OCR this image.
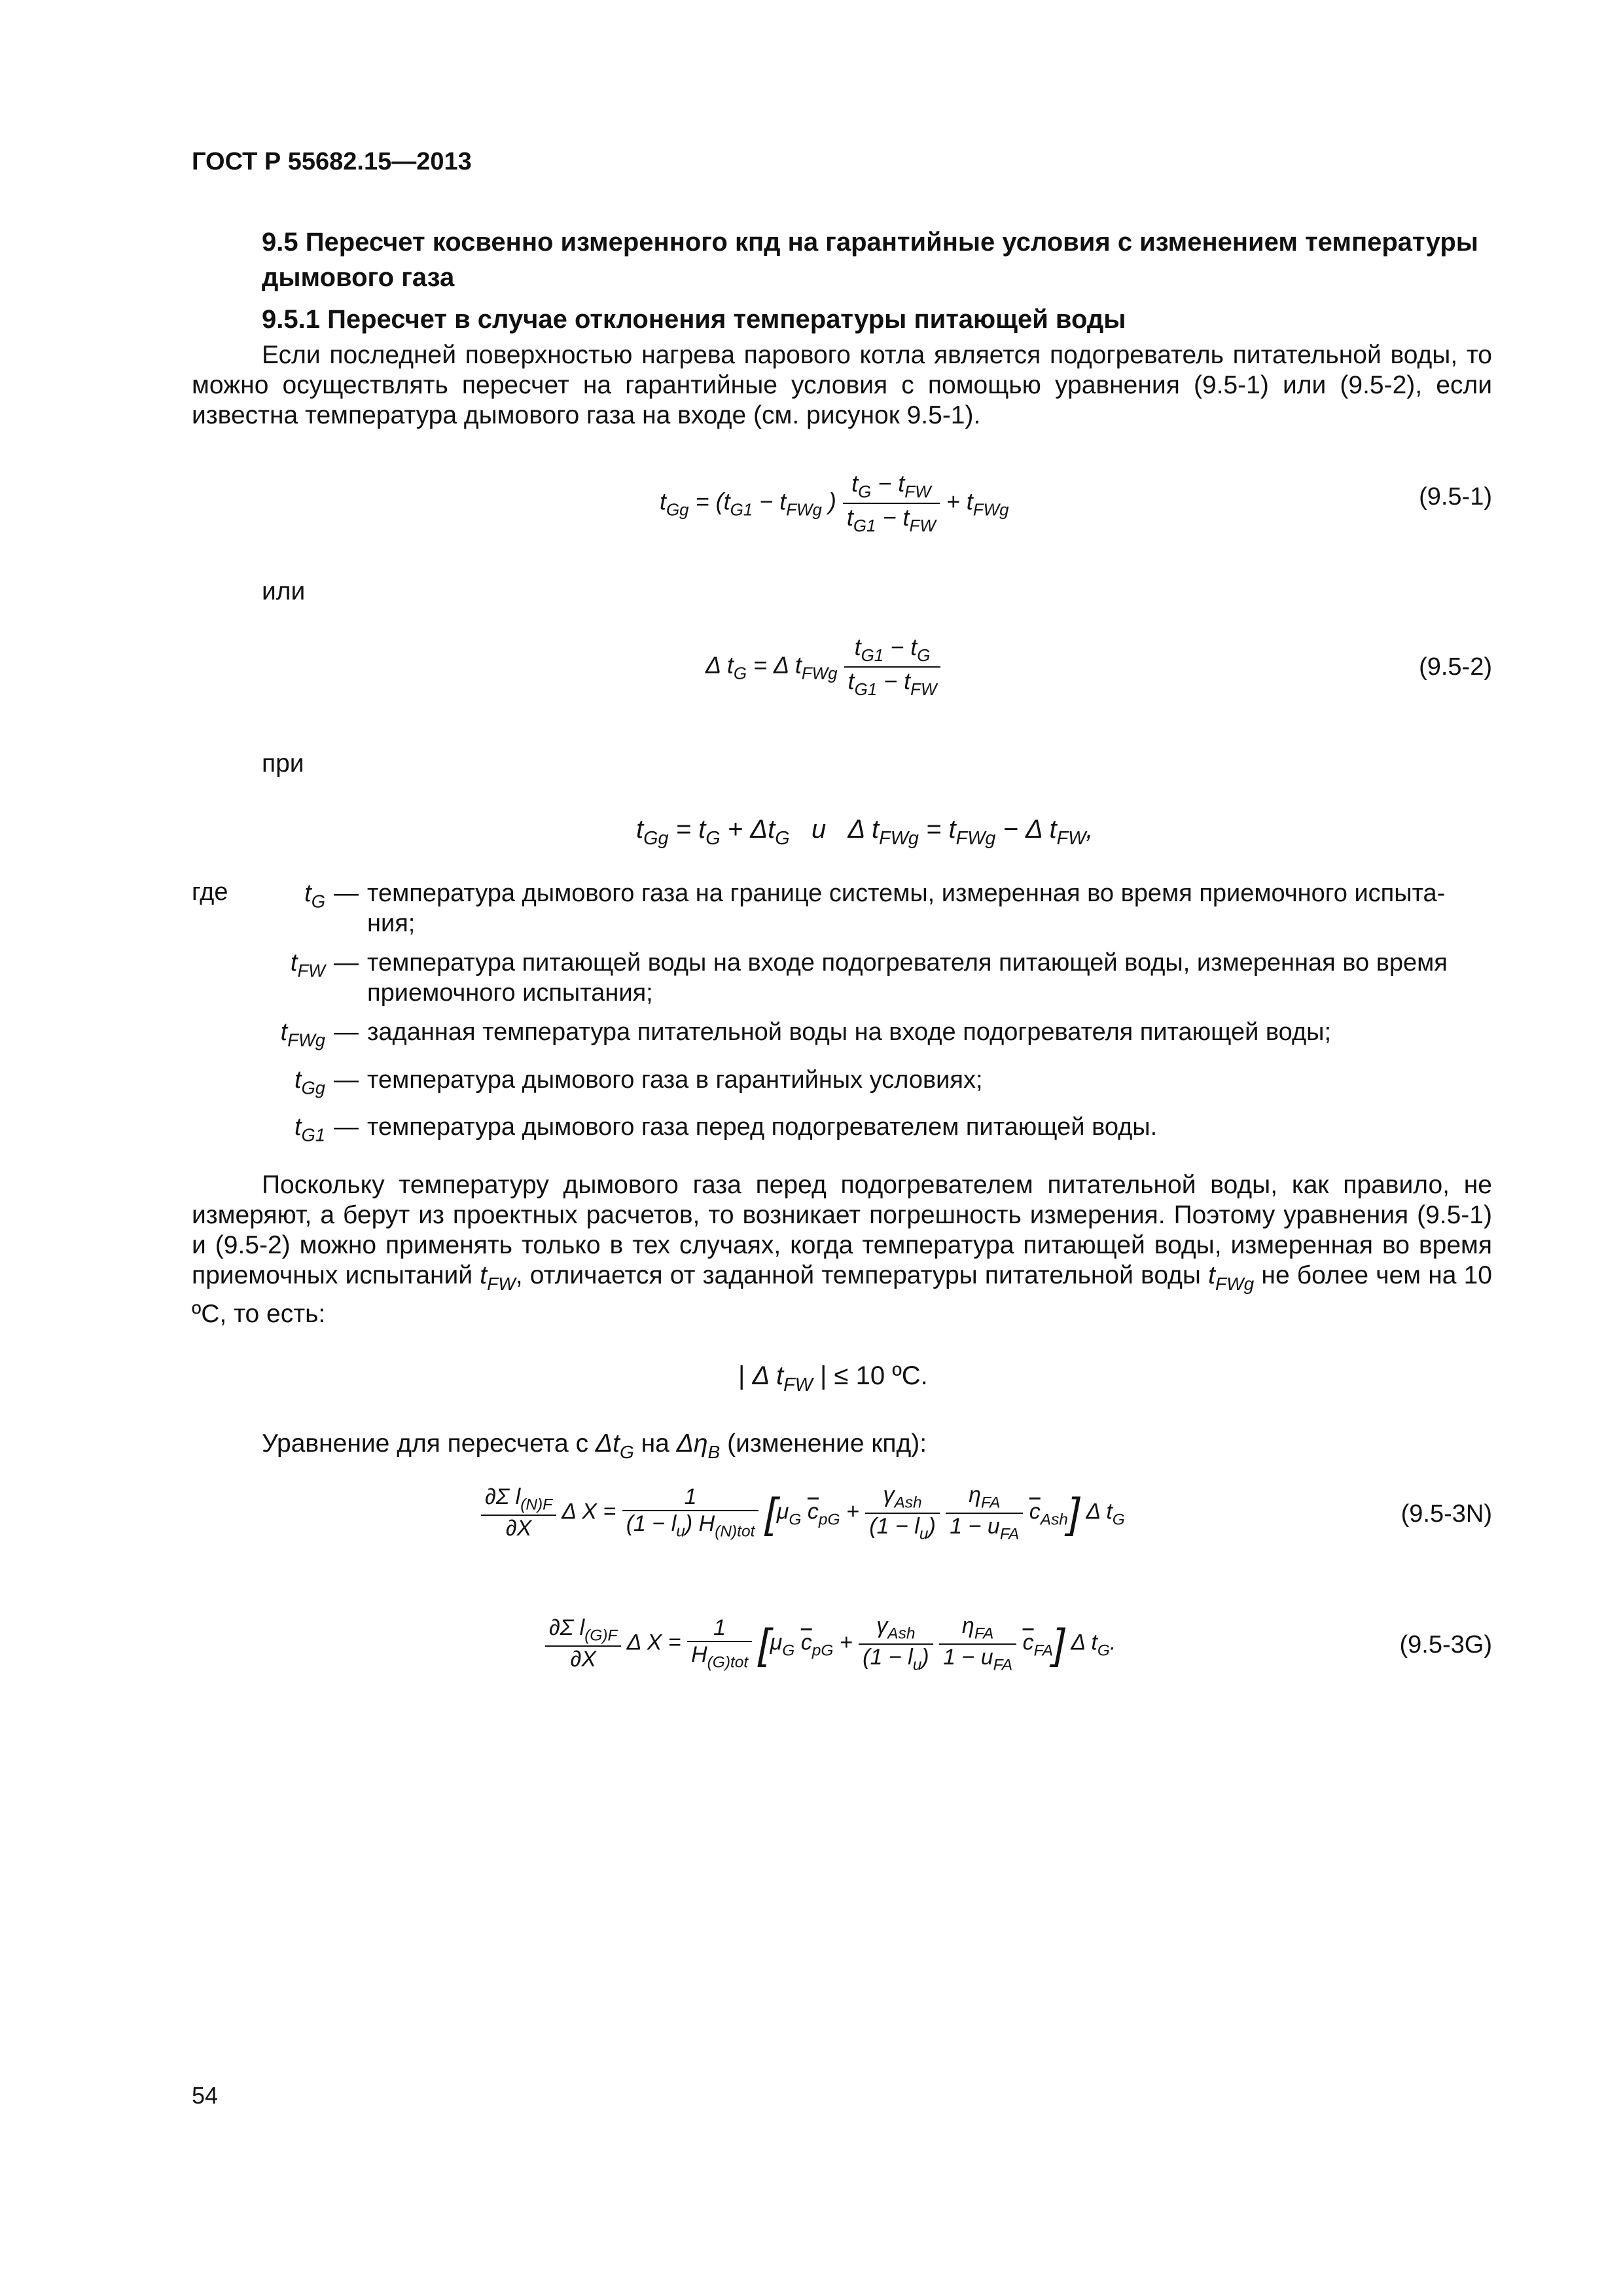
ГОСТ Р 55682.15—2013
9.5 Пересчет косвенно измеренного кпд на гарантийные условия с изменением температуры дымового газа
9.5.1 Пересчет в случае отклонения температуры питающей воды
Если последней поверхностью нагрева парового котла является подогреватель питательной воды, то можно осуществлять пересчет на гарантийные условия с помощью уравнения (9.5-1) или (9.5-2), если известна температура дымового газа на входе (см. рисунок 9.5-1).
$t_{Gg} = (t_{G1} - t_{FWg}$ ) $\frac{t_G - t_{FW}}{t_{G1} - t_{FW}} + t_{FWg}$	(9.5-1)
или
Δ $t_G = \Delta$ $t_{FWg} \frac{t_{G1} - t_G}{t_{G1} - t_{FW}}$	(9.5-2)
при
$t_{Gg} = t_G + \Delta t_G$ и   Δ $t_{FWg} = t_{FWg} - \Delta$ $t_{FW}$,
где	$t_G$ — температура дымового газа на границе системы, измеренная во время приемочного испыта-ния;
$t_{FW}$ — температура питающей воды на входе подогревателя питающей воды, измеренная во время приемочного испытания;
$t_{FWg}$ — заданная температура питательной воды на входе подогревателя питающей воды;
$t_{Gg}$ — температура дымового газа в гарантийных условиях;
$t_{G1}$ — температура дымового газа перед подогревателем питающей воды.
Поскольку температуру дымового газа перед подогревателем питательной воды, как правило, не измеряют, а берут из проектных расчетов, то возникает погрешность измерения. Поэтому уравнения (9.5-1) и (9.5-2) можно применять только в тех случаях, когда температура питающей воды, измеренная во время приемочных испытаний $t_{FW}$, отличается от заданной температуры питательной воды $t_{FWg}$ не более чем на 10 ºC, то есть:
| Δ $t_{FW}$ | ≤ 10 ºC.
Уравнение для пересчета с $\Delta t_G$ на $\Delta\eta_B$ (изменение кпд):
$\frac{\partial\Sigma l_{(N)F}}{\partial X}$ Δ $X = \frac{1}{(1 - l_u) H_{(N)tot}} [\mu_G$ $\overline{c}_{pG} + \frac{\gamma_{Ash}}{(1 - l_u)}$
$\frac{\eta_{FA}}{1 - u_{FA}} \overline{c}_{Ash}$] Δ $t_G$	(9.5-3N)
$\frac{\partial\Sigma l_{(G)F}}{\partial X}$ Δ $X = \frac{1}{H_{(G)tot}} [\mu_G$ $\overline{c}_{pG} + \frac{\gamma_{Ash}}{(1 - l_u)}$
$\frac{\eta_{FA}}{1 - u_{FA}} \overline{c}_{FA}$] Δ $t_G$.	(9.5-3G)
54
